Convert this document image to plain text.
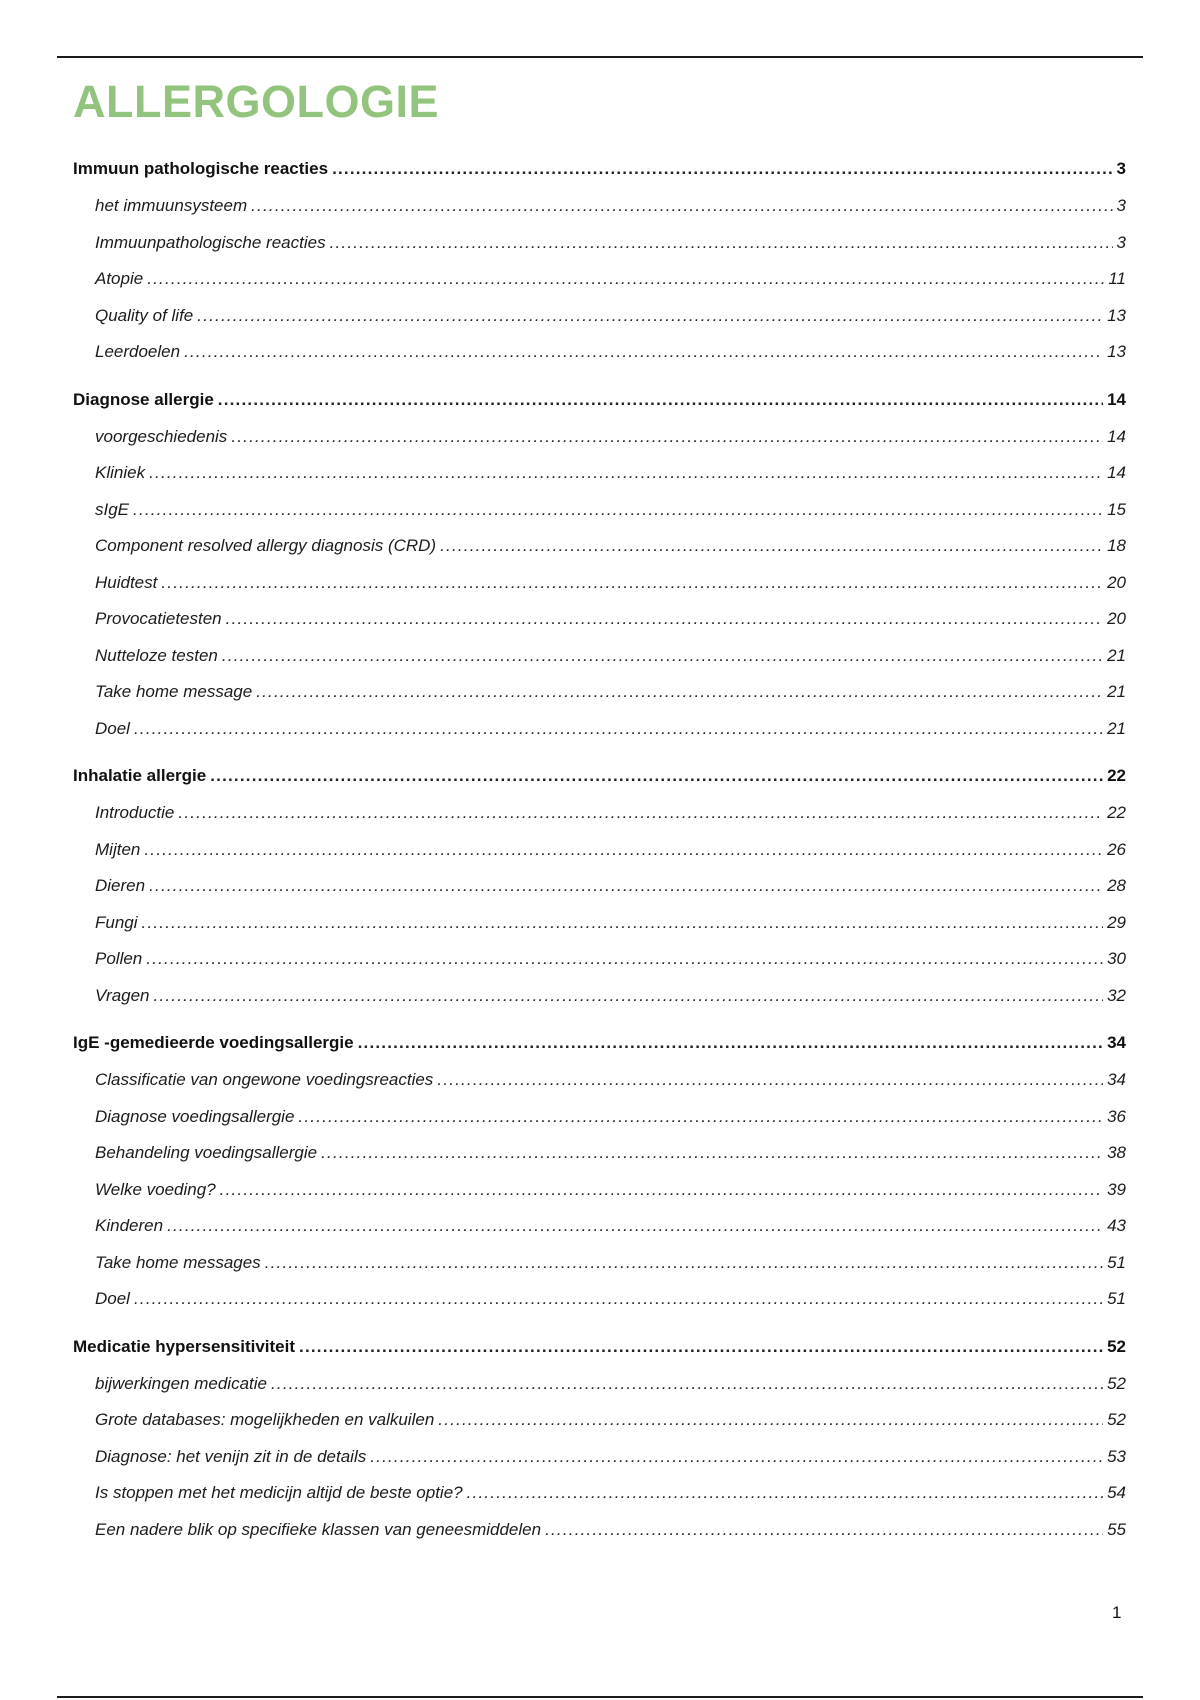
ALLERGOLOGIE
Immuun pathologische reacties .....	3
het immuunsysteem .....	3
Immuunpathologische reacties .....	3
Atopie .....	11
Quality of life .....	13
Leerdoelen .....	13
Diagnose allergie .....	14
voorgeschiedenis .....	14
Kliniek .....	14
sIgE .....	15
Component resolved allergy diagnosis (CRD) .....	18
Huidtest .....	20
Provocatietesten .....	20
Nutteloze testen .....	21
Take home message .....	21
Doel .....	21
Inhalatie allergie .....	22
Introductie .....	22
Mijten .....	26
Dieren .....	28
Fungi .....	29
Pollen .....	30
Vragen .....	32
IgE -gemedieerde voedingsallergie .....	34
Classificatie van ongewone voedingsreacties .....	34
Diagnose voedingsallergie .....	36
Behandeling voedingsallergie .....	38
Welke voeding? .....	39
Kinderen .....	43
Take home messages .....	51
Doel .....	51
Medicatie hypersensitiviteit .....	52
bijwerkingen medicatie .....	52
Grote databases: mogelijkheden en valkuilen .....	52
Diagnose: het venijn zit in de details .....	53
Is stoppen met het medicijn altijd de beste optie? .....	54
Een nadere blik op specifieke klassen van geneesmiddelen .....	55
1
